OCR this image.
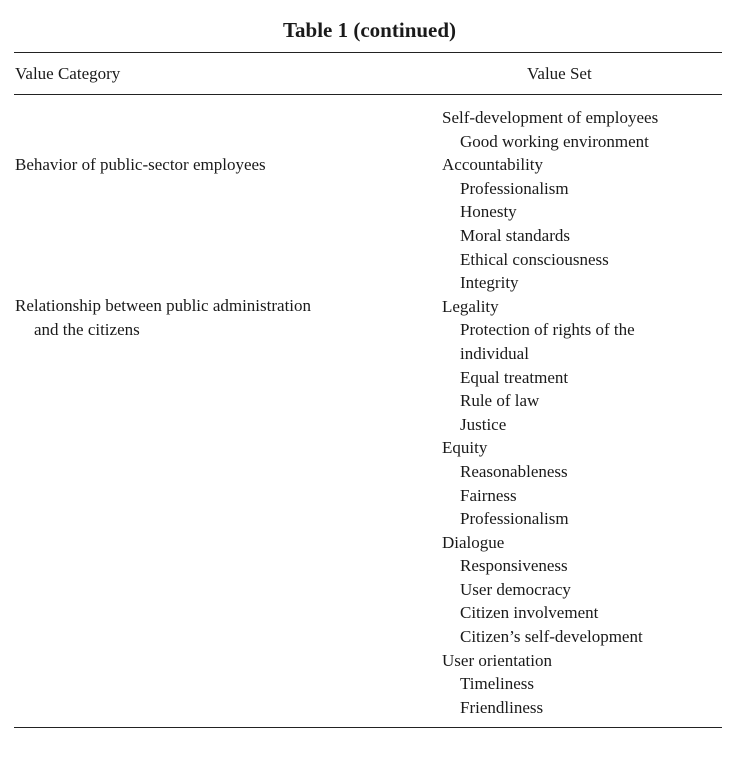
Table 1 (continued)
Value Category	Value Set
Behavior of public-sector employees
Relationship between public administration
and the citizens
Self-development of employees
Good working environment
Accountability
Professionalism
Honesty
Moral standards
Ethical consciousness
Integrity
Legality
Protection of rights of the
individual
Equal treatment
Rule of law
Justice
Equity
Reasonableness
Fairness
Professionalism
Dialogue
Responsiveness
User democracy
Citizen involvement
Citizen’s self-development
User orientation
Timeliness
Friendliness
